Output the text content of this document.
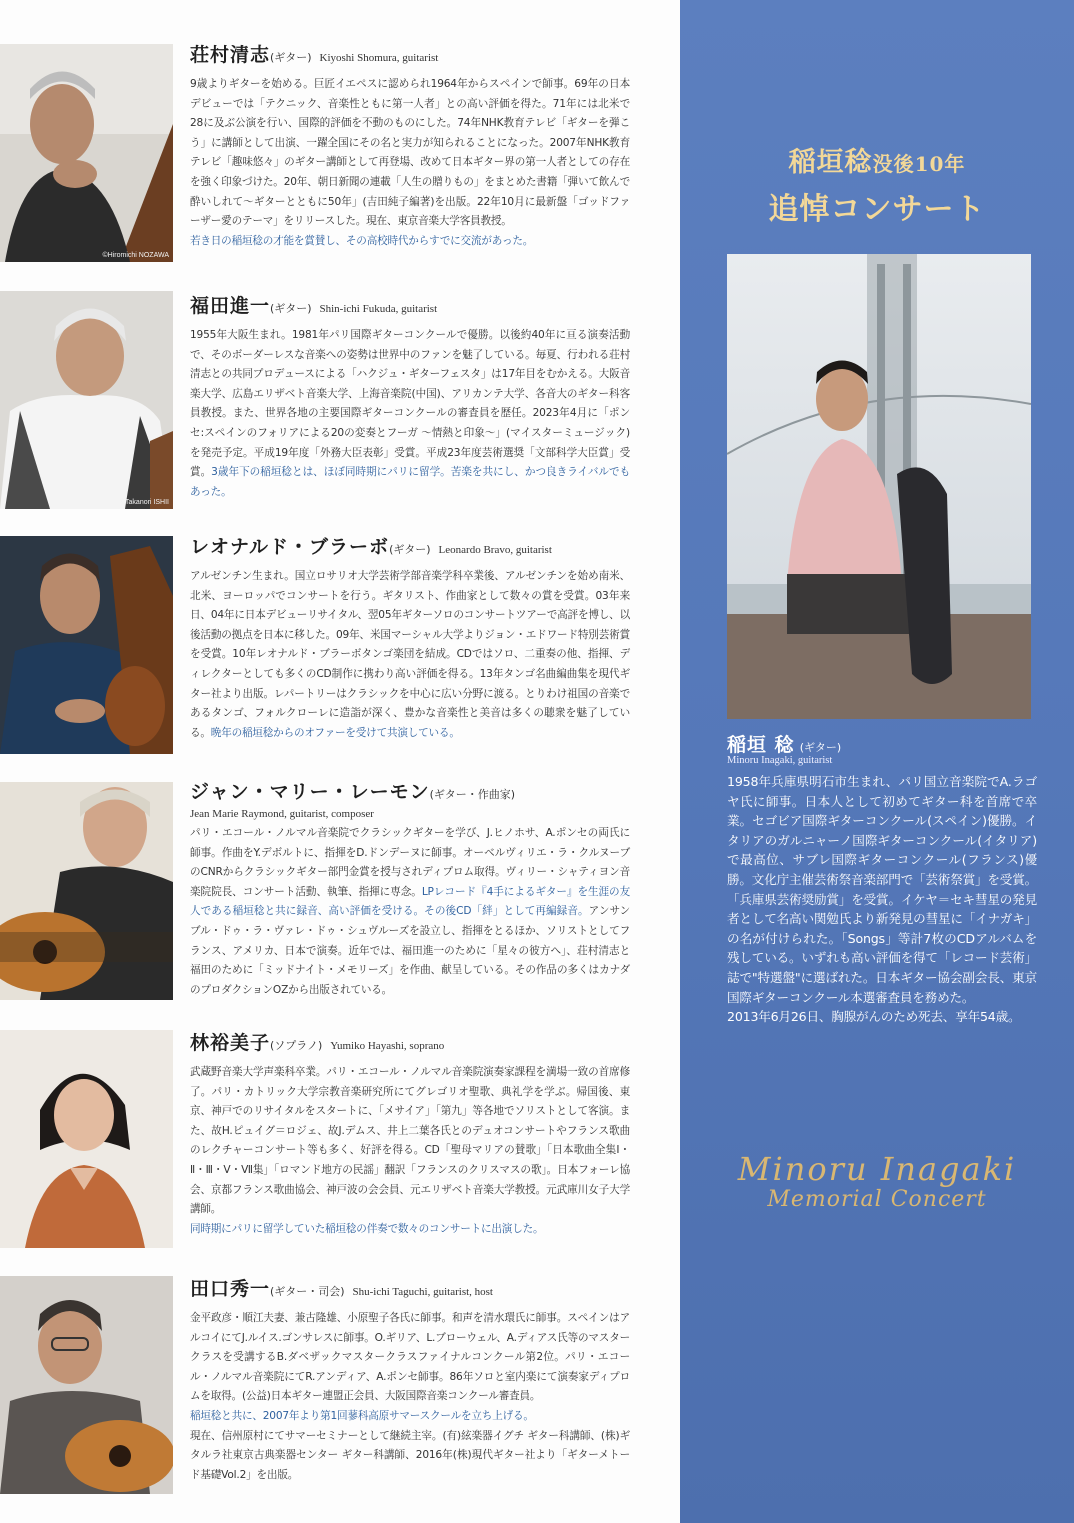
©Hiromichi NOZAWA
荘村清志(ギター) Kiyoshi Shomura, guitarist
9歳よりギターを始める。巨匠イエペスに認められ1964年からスペインで師事。69年の日本デビューでは「テクニック、音楽性ともに第一人者」との高い評価を得た。71年には北米で28に及ぶ公演を行い、国際的評価を不動のものにした。74年NHK教育テレビ「ギターを弾こう」に講師として出演、一躍全国にその名と実力が知られることになった。2007年NHK教育テレビ「趣味悠々」のギター講師として再登場、改めて日本ギター界の第一人者としての存在を強く印象づけた。20年、朝日新聞の連載「人生の贈りもの」をまとめた書籍「弾いて飲んで酔いしれて〜ギターとともに50年」(吉田純子編著)を出版。22年10月に最新盤「ゴッドファーザー愛のテーマ」をリリースした。現在、東京音楽大学客員教授。
若き日の稲垣稔の才能を賞賛し、その高校時代からすでに交流があった。
©Takanori ISHII
福田進一(ギター) Shin-ichi Fukuda, guitarist
1955年大阪生まれ。1981年パリ国際ギターコンクールで優勝。以後約40年に亘る演奏活動で、そのボーダーレスな音楽への姿勢は世界中のファンを魅了している。毎夏、行われる荘村清志との共同プロデュースによる「ハクジュ・ギターフェスタ」は17年目をむかえる。大阪音楽大学、広島エリザベト音楽大学、上海音楽院(中国)、アリカンテ大学、各音大のギター科客員教授。また、世界各地の主要国際ギターコンクールの審査員を歴任。2023年4月に「ポンセ:スペインのフォリアによる20の変奏とフーガ 〜情熱と印象〜」(マイスターミュージック)を発売予定。平成19年度「外務大臣表彰」受賞。平成23年度芸術選奨「文部科学大臣賞」受賞。3歳年下の稲垣稔とは、ほぼ同時期にパリに留学。苦楽を共にし、かつ良きライバルでもあった。
レオナルド・ブラーボ(ギター) Leonardo Bravo, guitarist
アルゼンチン生まれ。国立ロサリオ大学芸術学部音楽学科卒業後、アルゼンチンを始め南米、北米、ヨーロッパでコンサートを行う。ギタリスト、作曲家として数々の賞を受賞。03年来日、04年に日本デビューリサイタル、翌05年ギターソロのコンサートツアーで高評を博し、以後活動の拠点を日本に移した。09年、米国マーシャル大学よりジョン・エドワード特別芸術賞を受賞。10年レオナルド・ブラーボタンゴ楽団を結成。CDではソロ、二重奏の他、指揮、ディレクターとしても多くのCD制作に携わり高い評価を得る。13年タンゴ名曲編曲集を現代ギター社より出版。レパートリーはクラシックを中心に広い分野に渡る。とりわけ祖国の音楽であるタンゴ、フォルクローレに造詣が深く、豊かな音楽性と美音は多くの聴衆を魅了している。晩年の稲垣稔からのオファーを受けて共演している。
ジャン・マリー・レーモン(ギター・作曲家)
Jean Marie Raymond, guitarist, composer
パリ・エコール・ノルマル音楽院でクラシックギターを学び、J.ヒノホサ、A.ポンセの両氏に師事。作曲をY.デボルトに、指揮をD.ドンデーヌに師事。オーベルヴィリエ・ラ・クルヌーブのCNRからクラシックギター部門金賞を授与されディプロム取得。ヴィリー・シャティヨン音楽院院長、コンサート活動、執筆、指揮に専念。LPレコード『4手によるギター』を生涯の友人である稲垣稔と共に録音、高い評価を受ける。その後CD「絆」として再編録音。アンサンブル・ドゥ・ラ・ヴァレ・ドゥ・シュヴルーズを設立し、指揮をとるほか、ソリストとしてフランス、アメリカ、日本で演奏。近年では、福田進一のために「星々の彼方へ」、荘村清志と福田のために「ミッドナイト・メモリーズ」を作曲、献呈している。その作品の多くはカナダのプロダクションOZから出版されている。
林裕美子(ソプラノ) Yumiko Hayashi, soprano
武蔵野音楽大学声楽科卒業。パリ・エコール・ノルマル音楽院演奏家課程を満場一致の首席修了。パリ・カトリック大学宗教音楽研究所にてグレゴリオ聖歌、典礼学を学ぶ。帰国後、東京、神戸でのリサイタルをスタートに、「メサイア」「第九」等各地でソリストとして客演。また、故H.ピュイグ＝ロジェ、故J.デムス、井上二葉各氏とのデュオコンサートやフランス歌曲のレクチャーコンサート等も多く、好評を得る。CD「聖母マリアの賛歌」「日本歌曲全集Ⅰ・Ⅱ・Ⅲ・Ⅴ・Ⅶ集」「ロマンド地方の民謡」翻訳「フランスのクリスマスの歌」。日本フォーレ協会、京都フランス歌曲協会、神戸波の会会員、元エリザベト音楽大学教授。元武庫川女子大学講師。
同時期にパリに留学していた稲垣稔の伴奏で数々のコンサートに出演した。
田口秀一(ギター・司会) Shu-ichi Taguchi, guitarist, host
金平政彦・順江夫妻、兼古隆雄、小原聖子各氏に師事。和声を清水環氏に師事。スペインはアルコイにてJ.ルイス.ゴンサレスに師事。O.ギリア、L.ブローウェル、A.ディアス氏等のマスタークラスを受講するB.ダベザックマスタークラスファイナルコンクール第2位。パリ・エコール・ノルマル音楽院にてR.アンディア、A.ポンセ師事。86年ソロと室内楽にて演奏家ディプロムを取得。(公益)日本ギター連盟正会員、大阪国際音楽コンクール審査員。
稲垣稔と共に、2007年より第1回蓼科高原サマースクールを立ち上げる。
現在、信州原村にてサマーセミナーとして継続主宰。(有)絃楽器イグチ ギター科講師、(株)ギタルラ社東京古典楽器センター ギター科講師、2016年(株)現代ギター社より「ギターメトード基礎Vol.2」を出版。
稲垣稔没後10年
追悼コンサート
Minoru Inagaki
Memorial Concert
稲垣 稔 (ギター)
Minoru Inagaki, guitarist
1958年兵庫県明石市生まれ、パリ国立音楽院でA.ラゴヤ氏に師事。日本人として初めてギター科を首席で卒業。セゴビア国際ギターコンクール(スペイン)優勝。イタリアのガルニャーノ国際ギターコンクール(イタリア)で最高位、サブレ国際ギターコンクール(フランス)優勝。文化庁主催芸術祭音楽部門で「芸術祭賞」を受賞。「兵庫県芸術奨励賞」を受賞。イケヤ＝セキ彗星の発見者として名高い関勉氏より新発見の彗星に「イナガキ」の名が付けられた。「Songs」等計7枚のCDアルバムを残している。いずれも高い評価を得て「レコード芸術」誌で"特選盤"に選ばれた。日本ギター協会副会長、東京国際ギターコンクール本選審査員を務めた。
2013年6月26日、胸腺がんのため死去、享年54歳。
